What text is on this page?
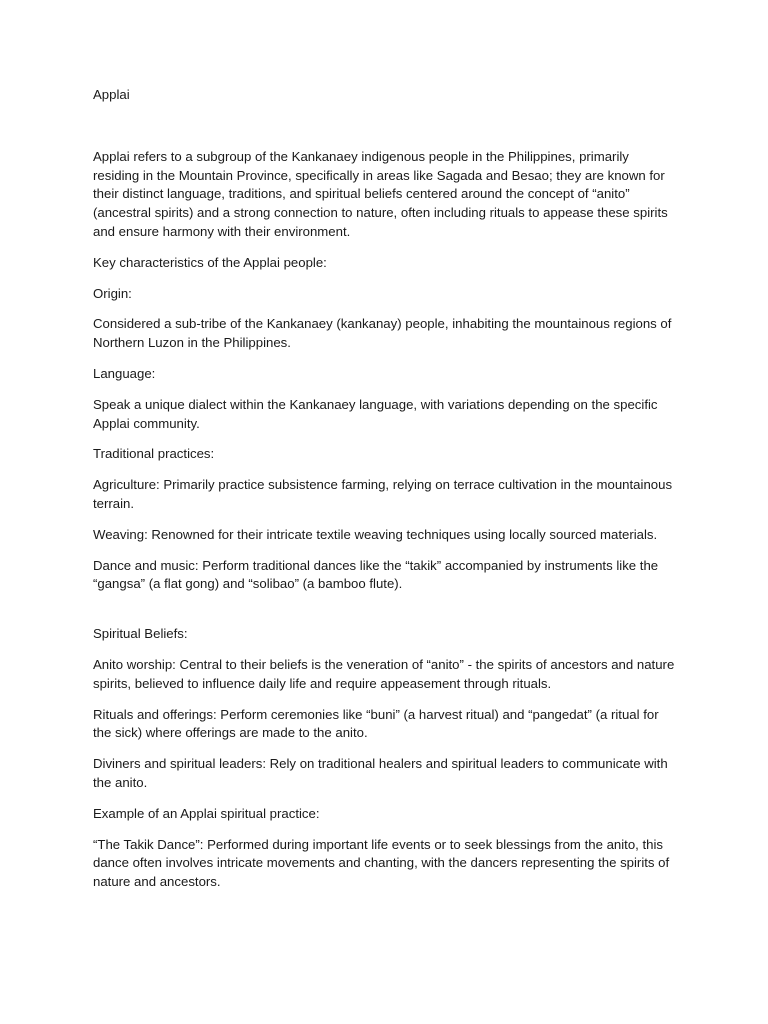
Applai

Applai refers to a subgroup of the Kankanaey indigenous people in the Philippines, primarily residing in the Mountain Province, specifically in areas like Sagada and Besao; they are known for their distinct language, traditions, and spiritual beliefs centered around the concept of “anito” (ancestral spirits) and a strong connection to nature, often including rituals to appease these spirits and ensure harmony with their environment.

Key characteristics of the Applai people:

Origin:

Considered a sub-tribe of the Kankanaey (kankanay) people, inhabiting the mountainous regions of Northern Luzon in the Philippines.

Language:

Speak a unique dialect within the Kankanaey language, with variations depending on the specific Applai community.

Traditional practices:

Agriculture: Primarily practice subsistence farming, relying on terrace cultivation in the mountainous terrain.

Weaving: Renowned for their intricate textile weaving techniques using locally sourced materials.

Dance and music: Perform traditional dances like the “takik” accompanied by instruments like the “gangsa” (a flat gong) and “solibao” (a bamboo flute).

Spiritual Beliefs:

Anito worship: Central to their beliefs is the veneration of “anito” - the spirits of ancestors and nature spirits, believed to influence daily life and require appeasement through rituals.

Rituals and offerings: Perform ceremonies like “buni” (a harvest ritual) and “pangedat” (a ritual for the sick) where offerings are made to the anito.

Diviners and spiritual leaders: Rely on traditional healers and spiritual leaders to communicate with the anito.

Example of an Applai spiritual practice:

“The Takik Dance”: Performed during important life events or to seek blessings from the anito, this dance often involves intricate movements and chanting, with the dancers representing the spirits of nature and ancestors.
